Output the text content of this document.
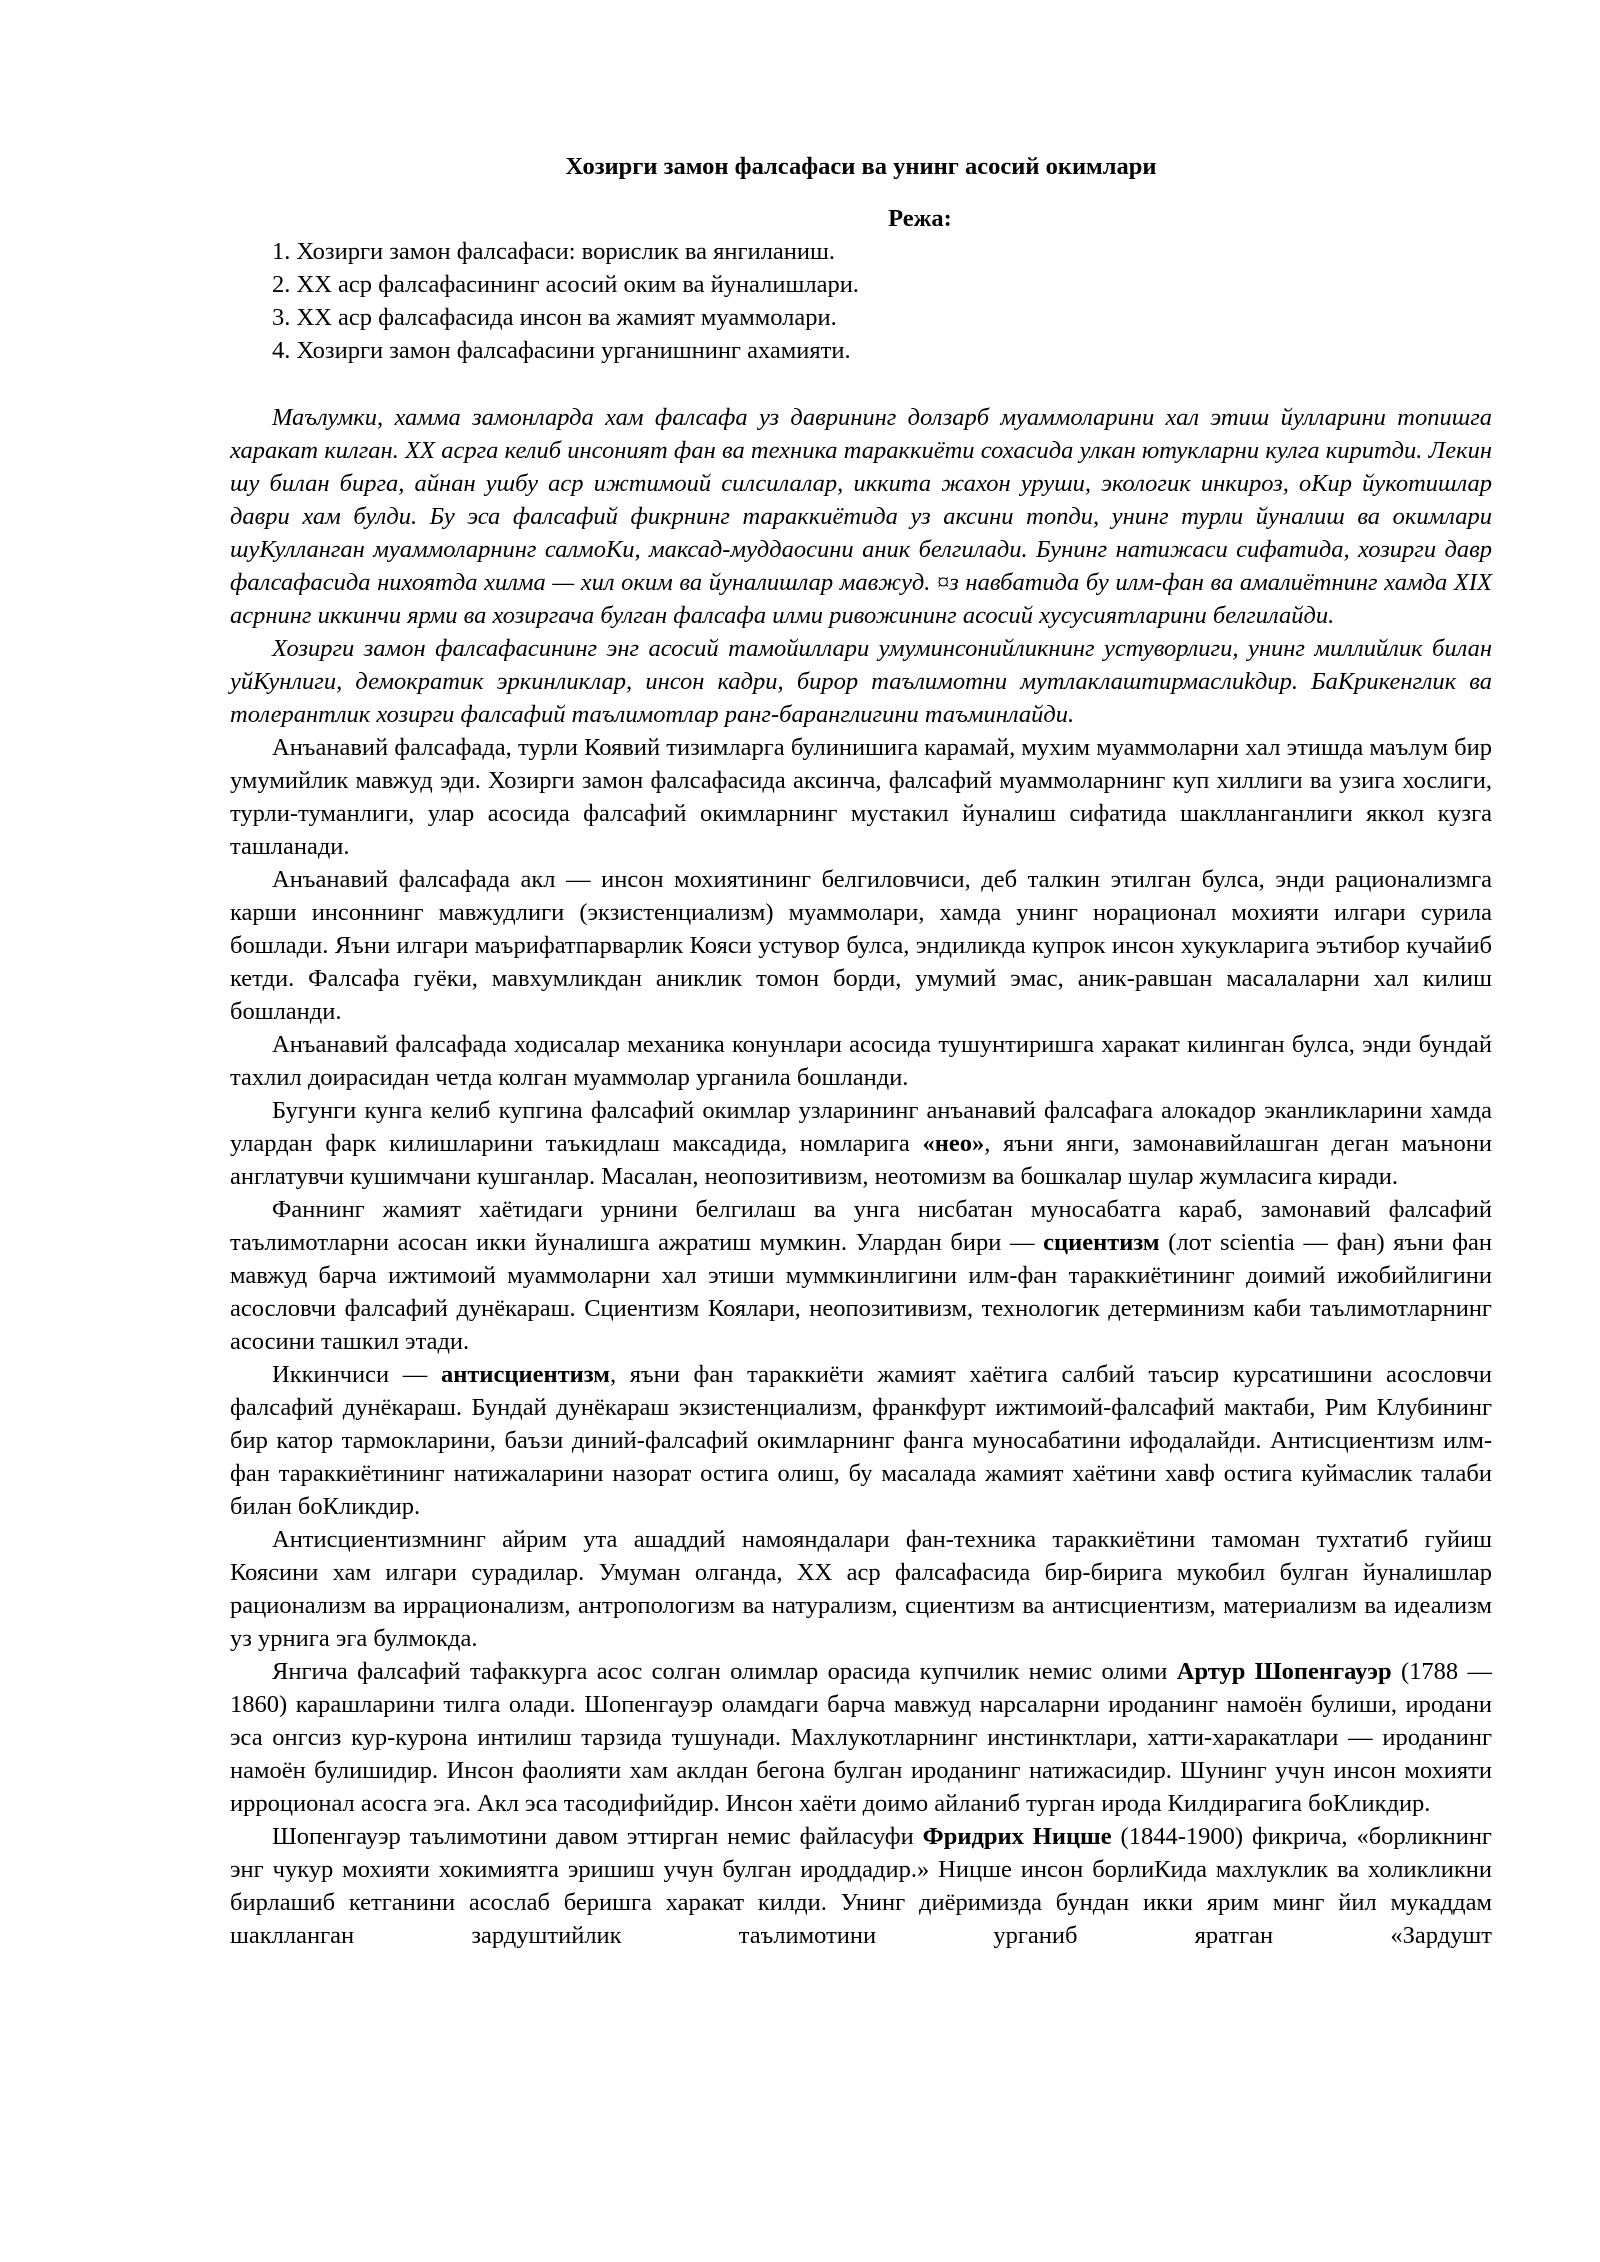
Хозирги замон фалсафаси ва унинг асосий окимлари
Режа:
1. Хозирги замон фалсафаси: ворислик ва янгиланиш.
2. XX аср фалсафасининг асосий оким ва йуналишлари.
3. XX аср фалсафасида инсон ва жамият муаммолари.
4. Хозирги замон фалсафасини урганишнинг ахамияти.

Маълумки, хамма замонларда хам фалсафа уз даврининг долзарб муаммоларини хал этиш йулларини топишга харакат килган. XX асрга келиб инсоният фан ва техника тараккиёти сохасида улкан ютукларни кулга киритди. Лекин шу билан бирга, айнан ушбу аср ижтимоий силсилалар, иккита жахон уруши, экологик инкироз, оКир йукотишлар даври хам булди. Бу эса фалсафий фикрнинг тараккиётида уз аксини топди, унинг турли йуналиш ва окимлари шуКулланган муаммоларнинг салмоКи, максад-муддаосини аник белгилади. Бунинг натижаси сифатида, хозирги давр фалсафасида нихоятда хилма — хил оким ва йуналишлар мавжуд. ¤з навбатида бу илм-фан ва амалиётнинг хамда XIX асрнинг иккинчи ярми ва хозиргача булган фалсафа илми ривожининг асосий хусусиятларини белгилайди.

Хозирги замон фалсафасининг энг асосий тамойиллари умуминсонийликнинг устуворлиги, унинг миллийлик билан уйКунлиги, демократик эркинликлар, инсон кадри, бирор таълимотни мутлаклаштирмаслиkдир. БаКрикенглик ва толерантлик хозирги фалсафий таълимотлар ранг-баранглигини таъминлайди.

Анъанавий фалсафада, турли Коявий тизимларга булинишига карамай, мухим муаммоларни хал этишда маълум бир умумийлик мавжуд эди. Хозирги замон фалсафасида аксинча, фалсафий муаммоларнинг куп хиллиги ва узига хослиги, турли-туманлиги, улар асосида фалсафий окимларнинг мустакил йуналиш сифатида шаклланганлиги яккол кузга ташланади.

Анъанавий фалсафада акл — инсон мохиятининг белгиловчиси, деб талкин этилган булса, энди рационализмга карши инсоннинг мавжудлиги (экзистенциализм) муаммолари, хамда унинг норационал мохияти илгари сурила бошлади. Яъни илгари маърифатпарварлик Кояси устувор булса, эндиликда купрок инсон хукукларига эътибор кучайиб кетди. Фалсафа гуёки, мавхумликдан аниклик томон борди, умумий эмас, аник-равшан масалаларни хал килиш бошланди.

Анъанавий фалсафада ходисалар механика конунлари асосида тушунтиришга харакат килинган булса, энди бундай тахлил доирасидан четда колган муаммолар урганила бошланди.

Бугунги кунга келиб купгина фалсафий окимлар узларининг анъанавий фалсафага алокадор эканликларини хамда улардан фарк килишларини таъкидлаш максадида, номларига «нео», яъни янги, замонавийлашган деган маънони англатувчи кушимчани кушганлар. Масалан, неопозитивизм, неотомизм ва бошкалар шулар жумласига киради.

Фаннинг жамият хаётидаги урнини белгилаш ва унга нисбатан муносабатга караб, замонавий фалсафий таълимотларни асосан икки йуналишга ажратиш мумкин. Улардан бири — сциентизм (лот scientia — фан) яъни фан мавжуд барча ижтимоий муаммоларни хал этиши муммкинлигини илм-фан тараккиётининг доимий ижобийлигини асословчи фалсафий дунёкараш. Сциентизм Коялари, неопозитивизм, технологик детерминизм каби таълимотларнинг асосини ташкил этади.

Иккинчиси — антисциентизм, яъни фан тараккиёти жамият хаётига салбий таъсир курсатишини асословчи фалсафий дунёкараш. Бундай дунёкараш экзистенциализм, франкфурт ижтимоий-фалсафий мактаби, Рим Клубининг бир катор тармокларини, баъзи диний-фалсафий окимларнинг фанга муносабатини ифодалайди. Антисциентизм илм-фан тараккиётининг натижаларини назорат остига олиш, бу масалада жамият хаётини хавф остига куймаслик талаби билан боКликдир.

Антисциентизмнинг айрим ута ашаддий намояндалари фан-техника тараккиётини тамоман тухтатиб гуйиш Коясини хам илгари сурадилар. Умуман олганда, XX аср фалсафасида бир-бирига мукобил булган йуналишлар рационализм ва иррационализм, антропологизм ва натурализм, сциентизм ва антисциентизм, материализм ва идеализм уз урнига эга булмокда.

Янгича фалсафий тафаккурга асос солган олимлар орасида купчилик немис олими Артур Шопенгауэр (1788 — 1860) карашларини тилга олади. Шопенгауэр оламдаги барча мавжуд нарсаларни ироданинг намоён булиши, иродани эса онгсиз кур-курона интилиш тарзида тушунади. Махлукотларнинг инстинктлари, хатти-харакатлари — ироданинг намоён булишидир. Инсон фаолияти хам аклдан бегона булган ироданинг натижасидир. Шунинг учун инсон мохияти ирроционал асосга эга. Акл эса тасодифийдир. Инсон хаёти доимо айланиб турган ирода Килдирагига боКликдир.

Шопенгауэр таълимотини давом эттирган немис файласуфи Фридрих Ницше (1844-1900) фикрича, «борликнинг энг чукур мохияти хокимиятга эришиш учун булган ироддадир.» Ницше инсон борлиКида махлуклик ва холикликни бирлашиб кетганини асослаб беришга харакат килди. Унинг диёримизда бундан икки ярим минг йил мукаддам шаклланган зардуштийлик таълимотини урганиб яратган «Зардушт
